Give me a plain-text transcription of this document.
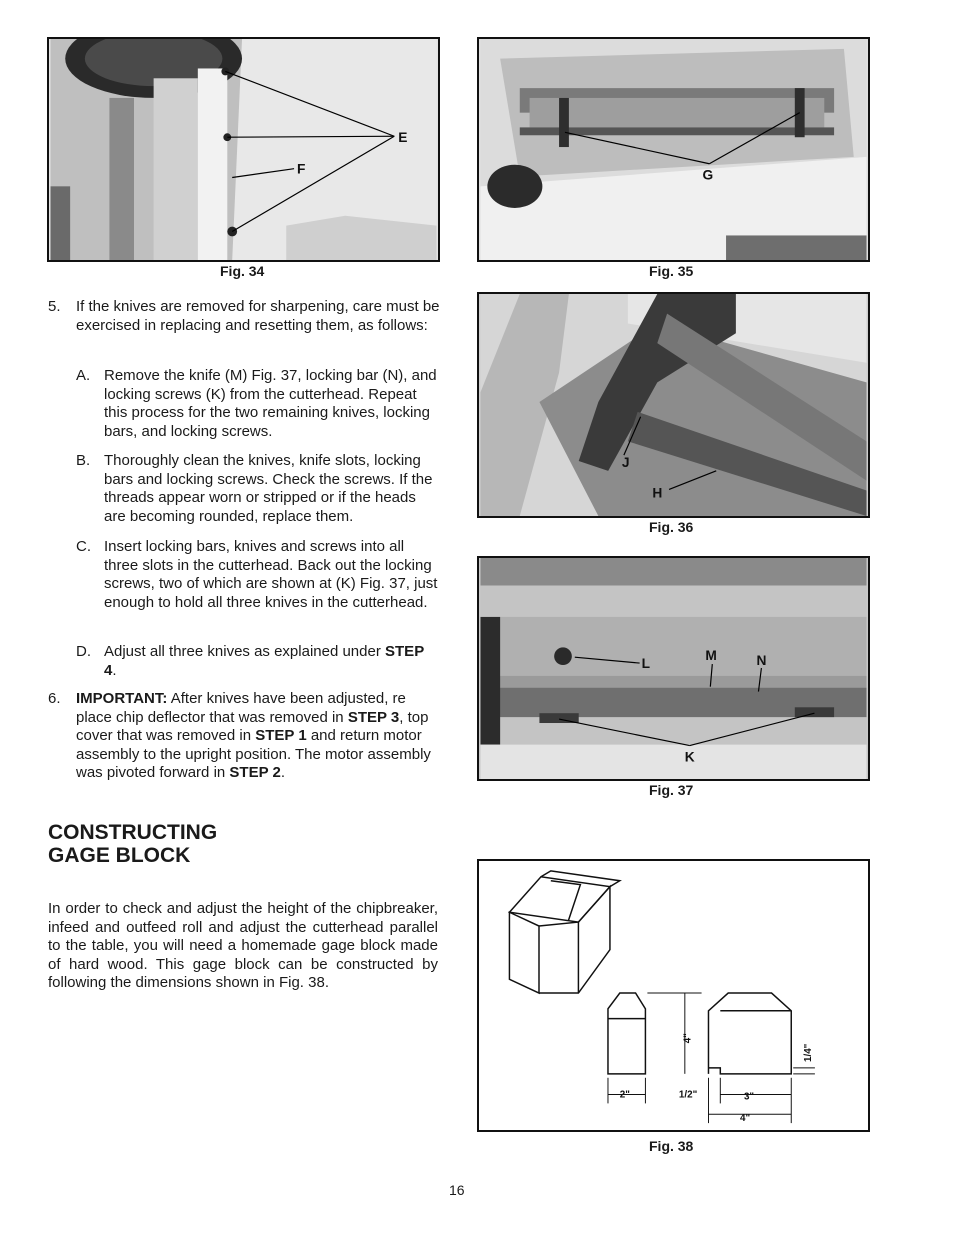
E
F
Fig. 34
G
Fig. 35
J
H
Fig. 36
L
M	N
K
Fig. 37
4"
2"	1/2"	3"
4"
1/4"
Fig. 38
5. If the knives are removed for sharpening, care must be exercised in replacing and resetting them, as follows:
A. Remove the knife (M) Fig. 37, locking bar (N), and locking screws (K) from the cutterhead. Repeat this process for the two remaining knives, locking bars, and locking screws.
B. Thoroughly clean the knives, knife slots, locking bars and locking screws. Check the screws. If the threads appear worn or stripped or if the heads are becoming rounded, replace them.
C. Insert locking bars, knives and screws into all three slots in the cutterhead. Back out the locking screws, two of which are shown at (K) Fig. 37, just enough to hold all three knives in the cutterhead.
D. Adjust all three knives as explained under STEP 4.
6. IMPORTANT: After knives have been adjusted, re place chip deflector that was removed in STEP 3, top cover that was removed in STEP 1 and return motor assembly to the upright position. The motor assembly was pivoted forward in STEP 2.
CONSTRUCTING
GAGE BLOCK
In order to check and adjust the height of the chipbreaker, infeed and outfeed roll and adjust the cutterhead parallel to the table, you will need a homemade gage block made of hard wood. This gage block can be constructed by following the dimensions shown in Fig. 38.
16
